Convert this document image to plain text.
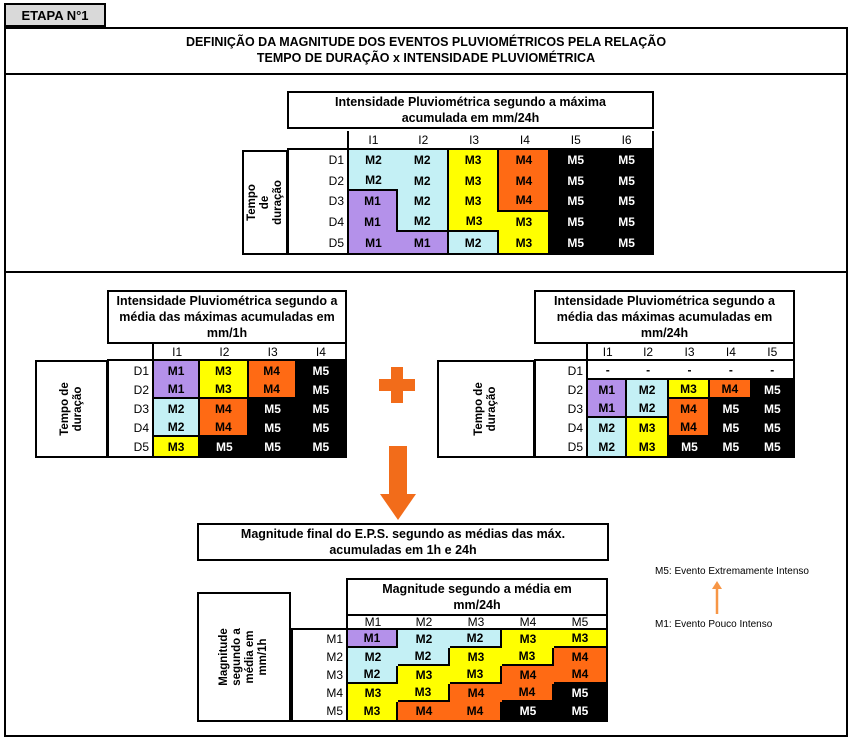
ETAPA N°1
DEFINIÇÃO DA MAGNITUDE DOS EVENTOS PLUVIOMÉTRICOS PELA RELAÇÃO
TEMPO DE DURAÇÃO x INTENSIDADE PLUVIOMÉTRICA
Intensidade Pluviométrica segundo a máxima acumulada em mm/24h
Tempo de duração
I1	I2	I3	I4	I5	I6
D1	M2	M2	M3	M4	M5	M5
D2	M2	M2	M3	M4	M5	M5
D3	M1	M2	M3	M4	M5	M5
D4	M1	M2	M3	M3	M5	M5
D5	M1	M1	M2	M3	M5	M5
Intensidade Pluviométrica segundo a média das máximas acumuladas em mm/1h
Tempo de duração
I1	I2	I3	I4
D1	M1	M3	M4	M5
D2	M1	M3	M4	M5
D3	M2	M4	M5	M5
D4	M2	M4	M5	M5
D5	M3	M5	M5	M5
Intensidade Pluviométrica segundo a média das máximas acumuladas em mm/24h
Tempo de duração
I1	I2	I3	I4	I5
D1	-	-	-	-	-
D2	M1	M2	M3	M4	M5
D3	M1	M2	M4	M5	M5
D4	M2	M3	M4	M5	M5
D5	M2	M3	M5	M5	M5
Magnitude final do E.P.S. segundo as médias das máx. acumuladas em 1h e 24h
Magnitude segundo a média em mm/24h
Magnitude segundo a média em mm/1h
M1	M2	M3	M4	M5
M1	M1	M2	M2	M3	M3
M2	M2	M2	M3	M3	M4
M3	M2	M3	M3	M4	M4
M4	M3	M3	M4	M4	M5
M5	M3	M4	M4	M5	M5
M5: Evento Extremamente Intenso
M1: Evento Pouco Intenso
